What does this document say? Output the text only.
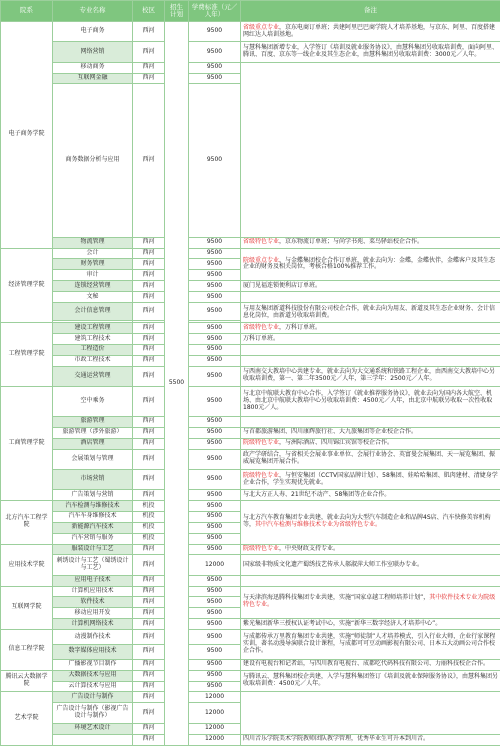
院系	专业名称	校区	招生计划	学费标准（元／人年）	备注	
电子商务学院	电子商务	西河	5500	9500	省级重点专业，京东电商订单班；共建阿里巴巴商学院人才培养基地，与京东、阿里、百度搭建网红达人培训基地。	
	网络营销	西河		9500	与慧科集团新增专业，入学签订《培训及就业服务协议》，由慧科集团另收取培训费，面向阿里、腾讯、百度、京东等一线企业及其生态企业，由慧科集团另收取培训费：3000元／人年。	
	移动商务	西河		9500		
	互联网金融	西河		9500		
	商务数据分析与应用	西河		9500	
	物流管理	西河		9500	省级特色专业，京东物流订单班；与尚学书苑、菜鸟驿站校企合作。	
经济管理学院	会计	西河		9500	院级重点专业，与金蝶集团校企合作订单班，就业去向为：金蝶，金蝶伙伴，金蝶客户及其生态企业的财务及相关岗位，考核合格100%推荐工作。	
	财务管理	西河		9500		
	审计	西河		9500		
	连锁经营管理	西河		9500	厦门见福连锁便利店订单班。	
	文秘	西河		9500		
	会计信息管理	西河		9500	与用友集团新道科技股份有限公司校企合作，就业去向为用友、新道及其生态企业财务、会计信息化岗位，由新道另收取培训费。	

工程管理学院	建设工程管理	西河		9500	省级特色专业，万科订单班。	
	建筑工程技术	西河		9500	万科订单班。	
	工程造价	西河		9500		
	市政工程技术	西河		9500		
	交通运营管理	西河		9500	与西南交大教培中心共建专业，就业去向为大交通系统和铁路工程企业，由西南交大教培中心另收取培训费，第一、第二年3500元／人年，第三学年：2500元／人年。	
工商管理学院	空中乘务	西河		9500	与北京中航联大教育中心合作，入学签订《就业推荐服务协议》，就业去向为国内各大航空、机场、由北京中航联大教培中心另收取培训费：4500元／人年，由北京中航联另收取一次性收取1800元／人。	
	旅游管理	西河		9500		
	旅游管理（涉外旅游）	西河		9500	与首都旅游集团、四川康辉旅行社、大九旅集团等企业校企合作。	
	酒店管理	西河		9500	院级特色专业，与洲际酒店、四川锦江宾馆等校企合作。	
	会展策划与管理	西河		9500	政产学研结合，与省相关会展业事业单位、会展行业协会、英富曼会展集团、天一展览集团、振威展览集团开展合作。	
	市场营销	西河		9500	院级特色专业，与恒安集团（CCTV国家品牌计划）、58集团、娃哈哈集团、肌肉建材、清婕身学企业合作，学生实现优先就业。	
	广告策划与营销	西河		9500	与北大方正人寿、21世纪不动产、58集团等企业合作。	
北方汽车工程学院	汽车检测与维修技术	机投		9500	与北方汽车教育集团专业共建，就业去向为大型汽车制造企业和品牌4S店、汽车快修美容机构等，其中汽车检测与维修技术专业为省级特色专业。	
	汽车车身维修技术	机投		9500		
	新能源汽车技术	机投		9500		
	汽车营销与服务	机投		9500		
应用技术学院	服装设计与工艺	西河		9500	院级特色专业，中央财政支持专业。	
	刺绣设计与工艺（蜀绣设计与工艺）	西河		12000	国家级非物质文化遗产蜀绣技艺传承人郝淑萍大师工作室联办专业。	
	应用电子技术	西河		9500		
互联网学院	计算机应用技术	西河		9500	与天津滨海迅腾科技集团专业共建，实施“国家卓越工程师培养计划”，其中软件技术专业为院级特色专业。	
	软件技术	西河		9500		
	移动应用开发	西河		9500		
	计算机网络技术	西河		9500	紫光集团新华三授权认证考试中心，实施“新华三数字经济人才培养中心”。	
信息工程学院	动漫制作技术	西河		9500	与成都传承万里教育集团专业共建，实施“师徒制”人才培养模式，引入行业大师，企业行家课程实训，著名动漫导演联合设计课程，与成都可可豆动画影视有限公司、日本五大动画公司合作校企合作。	
	数字媒体应用技术	西河		9500		
	广播影视节目制作	西河		9500	建设有电视台和记者站，与四川教育电视台、成都吃代码科技有限公司、力丽科技校企合作。	
腾讯云大数据学院	大数据技术与应用	西河		9500	与腾讯云、慧科集团校企共建，入学与慧科集团签订《培训及就业保障服务协议》，由慧科集团另收取培训费：4500元／人年。	
	云计算技术与应用	西河		9500		
艺术学院	广告设计与制作	西河		12000		
	广告设计与制作（影视广告设计与制作）	西河		12000		
	环境艺术设计	西河		12000		
		西河		12000	四川音乐学院美术学院教师团队教学管理，优秀毕业生可升本到川音。	
